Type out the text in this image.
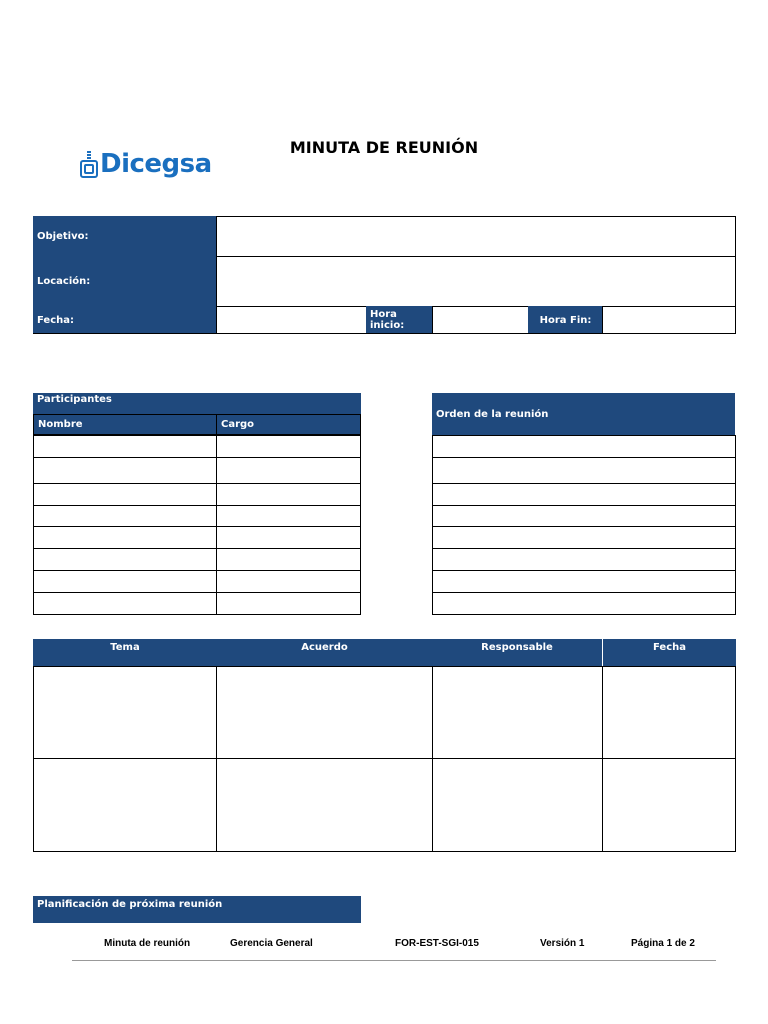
Dicegsa
MINUTA DE REUNIÓN
Objetivo:
Locación:
Fecha:	Hora inicio:	Hora Fin:
Participantes
Nombre	Cargo

Orden de la reunión

Tema	Acuerdo	Responsable	Fecha
Planificación de próxima reunión
Minuta de reunión	Gerencia General	FOR-EST-SGI-015	Versión 1	Página 1 de 2
